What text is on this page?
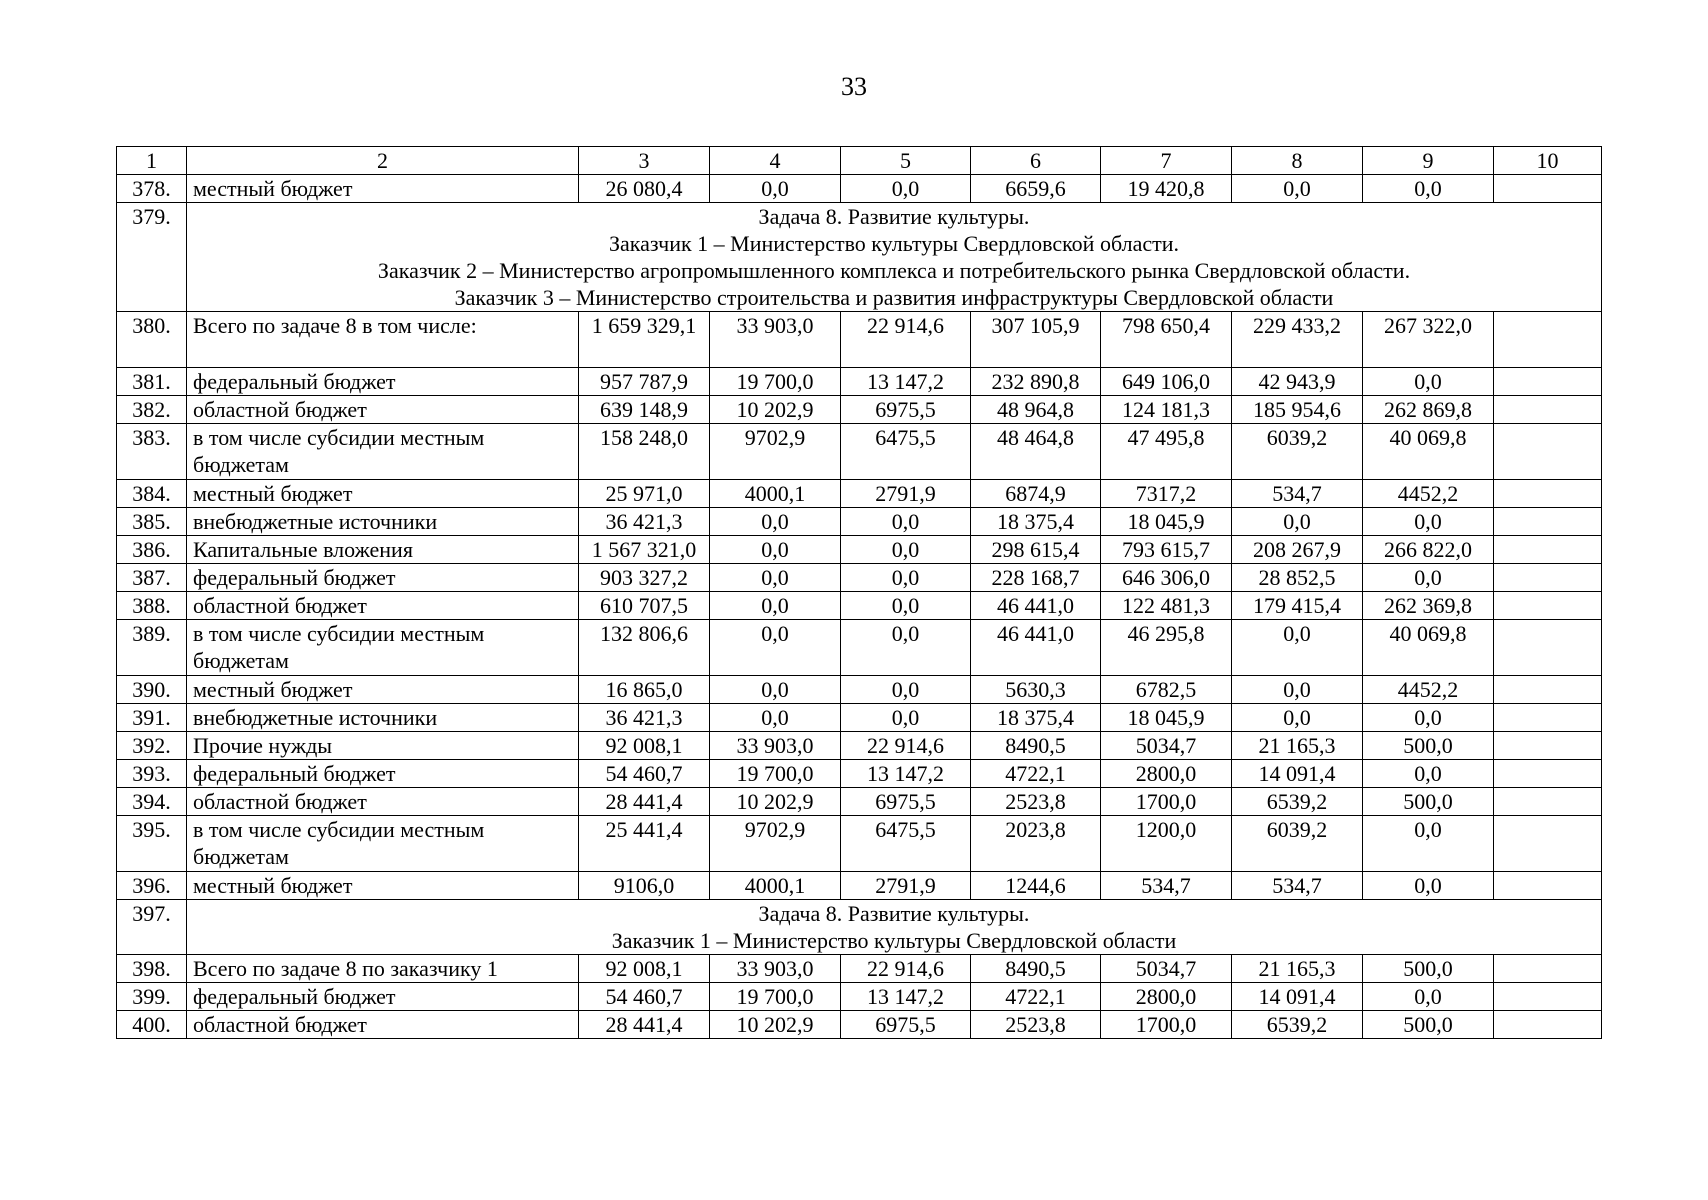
33
1	2	3	4	5	6	7	8	9	10
378.	местный бюджет	26 080,4	0,0	0,0	6659,6	19 420,8	0,0	0,0	
379.	Задача 8. Развитие культуры.
Заказчик 1 – Министерство культуры Свердловской области.
Заказчик 2 – Министерство агропромышленного комплекса и потребительского рынка Свердловской области.
Заказчик 3 – Министерство строительства и развития инфраструктуры Свердловской области								

380.	Всего по задаче 8 в том числе:	1 659 329,1	33 903,0	22 914,6	307 105,9	798 650,4	229 433,2	267 322,0	
381.	федеральный бюджет	957 787,9	19 700,0	13 147,2	232 890,8	649 106,0	42 943,9	0,0	
382.	областной бюджет	639 148,9	10 202,9	6975,5	48 964,8	124 181,3	185 954,6	262 869,8	
383.	в том числе субсидии местным бюджетам	158 248,0	9702,9	6475,5	48 464,8	47 495,8	6039,2	40 069,8	
384.	местный бюджет	25 971,0	4000,1	2791,9	6874,9	7317,2	534,7	4452,2	
385.	внебюджетные источники	36 421,3	0,0	0,0	18 375,4	18 045,9	0,0	0,0	
386.	Капитальные вложения	1 567 321,0	0,0	0,0	298 615,4	793 615,7	208 267,9	266 822,0	
387.	федеральный бюджет	903 327,2	0,0	0,0	228 168,7	646 306,0	28 852,5	0,0	
388.	областной бюджет	610 707,5	0,0	0,0	46 441,0	122 481,3	179 415,4	262 369,8	
389.	в том числе субсидии местным бюджетам	132 806,6	0,0	0,0	46 441,0	46 295,8	0,0	40 069,8	
390.	местный бюджет	16 865,0	0,0	0,0	5630,3	6782,5	0,0	4452,2	
391.	внебюджетные источники	36 421,3	0,0	0,0	18 375,4	18 045,9	0,0	0,0	
392.	Прочие нужды	92 008,1	33 903,0	22 914,6	8490,5	5034,7	21 165,3	500,0	
393.	федеральный бюджет	54 460,7	19 700,0	13 147,2	4722,1	2800,0	14 091,4	0,0	
394.	областной бюджет	28 441,4	10 202,9	6975,5	2523,8	1700,0	6539,2	500,0	
395.	в том числе субсидии местным бюджетам	25 441,4	9702,9	6475,5	2023,8	1200,0	6039,2	0,0	
396.	местный бюджет	9106,0	4000,1	2791,9	1244,6	534,7	534,7	0,0	
397.	Задача 8. Развитие культуры.
Заказчик 1 – Министерство культуры Свердловской области								

398.	Всего по задаче 8 по заказчику 1	92 008,1	33 903,0	22 914,6	8490,5	5034,7	21 165,3	500,0	
399.	федеральный бюджет	54 460,7	19 700,0	13 147,2	4722,1	2800,0	14 091,4	0,0	
400.	областной бюджет	28 441,4	10 202,9	6975,5	2523,8	1700,0	6539,2	500,0	
